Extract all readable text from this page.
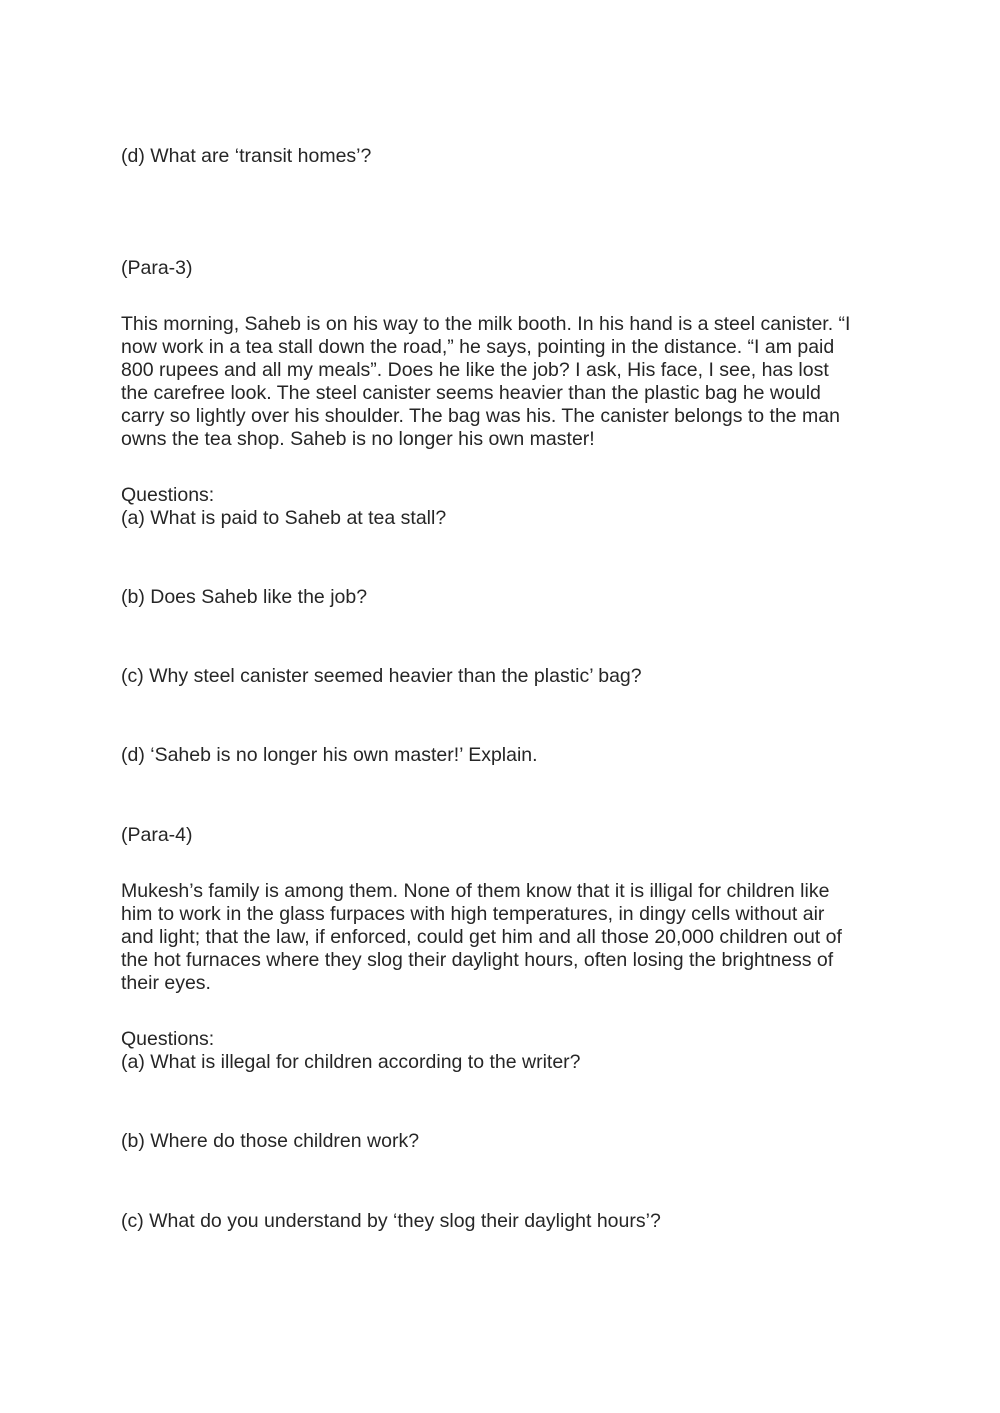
(d) What are ‘transit homes’?

(Para-3)

This morning, Saheb is on his way to the milk booth. In his hand is a steel canister. “I

now work in a tea stall down the road,” he says, pointing in the distance. “I am paid

800 rupees and all my meals”. Does he like the job? I ask, His face, I see, has lost

the carefree look. The steel canister seems heavier than the plastic bag he would

carry so lightly over his shoulder. The bag was his. The canister belongs to the man

owns the tea shop. Saheb is no longer his own master!

Questions:

(a) What is paid to Saheb at tea stall?

(b) Does Saheb like the job?

(c) Why steel canister seemed heavier than the plastic’ bag?

(d) ‘Saheb is no longer his own master!’ Explain.

(Para-4)

Mukesh’s family is among them. None of them know that it is illigal for children like

him to work in the glass furpaces with high temperatures, in dingy cells without air

and light; that the law, if enforced, could get him and all those 20,000 children out of

the hot furnaces where they slog their daylight hours, often losing the brightness of

their eyes.

Questions:

(a) What is illegal for children according to the writer?

(b) Where do those children work?

(c) What do you understand by ‘they slog their daylight hours’?
